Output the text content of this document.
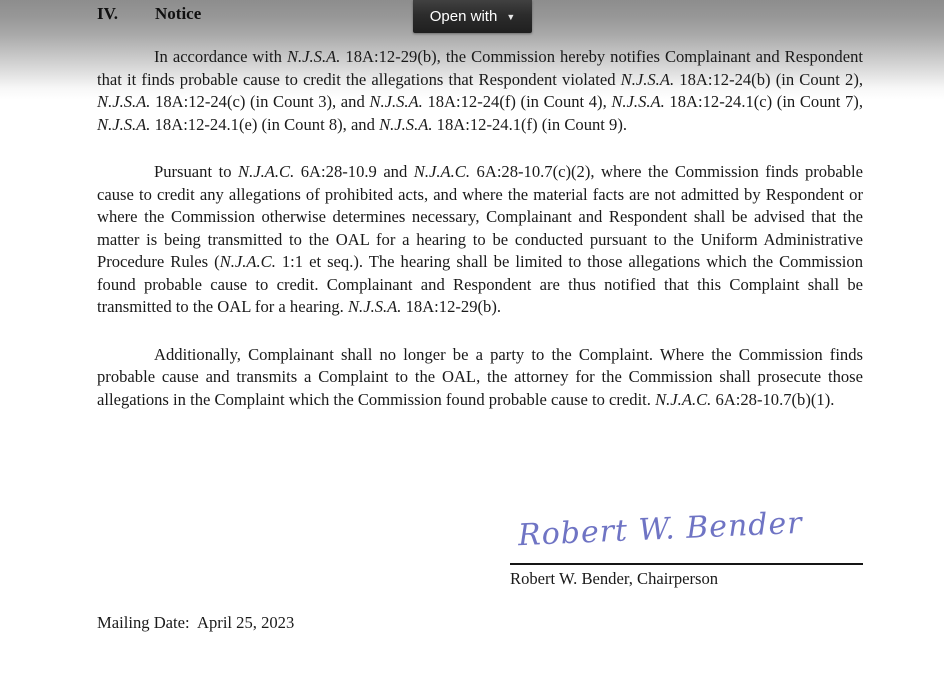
IV. Notice	Open with ▼

In accordance with N.J.S.A. 18A:12-29(b), the Commission hereby notifies Complainant and Respondent that it finds probable cause to credit the allegations that Respondent violated N.J.S.A. 18A:12-24(b) (in Count 2), N.J.S.A. 18A:12-24(c) (in Count 3), and N.J.S.A. 18A:12-24(f) (in Count 4), N.J.S.A. 18A:12-24.1(c) (in Count 7), N.J.S.A. 18A:12-24.1(e) (in Count 8), and N.J.S.A. 18A:12-24.1(f) (in Count 9).

Pursuant to N.J.A.C. 6A:28-10.9 and N.J.A.C. 6A:28-10.7(c)(2), where the Commission finds probable cause to credit any allegations of prohibited acts, and where the material facts are not admitted by Respondent or where the Commission otherwise determines necessary, Complainant and Respondent shall be advised that the matter is being transmitted to the OAL for a hearing to be conducted pursuant to the Uniform Administrative Procedure Rules (N.J.A.C. 1:1 et seq.). The hearing shall be limited to those allegations which the Commission found probable cause to credit. Complainant and Respondent are thus notified that this Complaint shall be transmitted to the OAL for a hearing. N.J.S.A. 18A:12-29(b).

Additionally, Complainant shall no longer be a party to the Complaint. Where the Commission finds probable cause and transmits a Complaint to the OAL, the attorney for the Commission shall prosecute those allegations in the Complaint which the Commission found probable cause to credit. N.J.A.C. 6A:28-10.7(b)(1).

Robert W. Bender
Robert W. Bender, Chairperson
Mailing Date:  April 25, 2023
